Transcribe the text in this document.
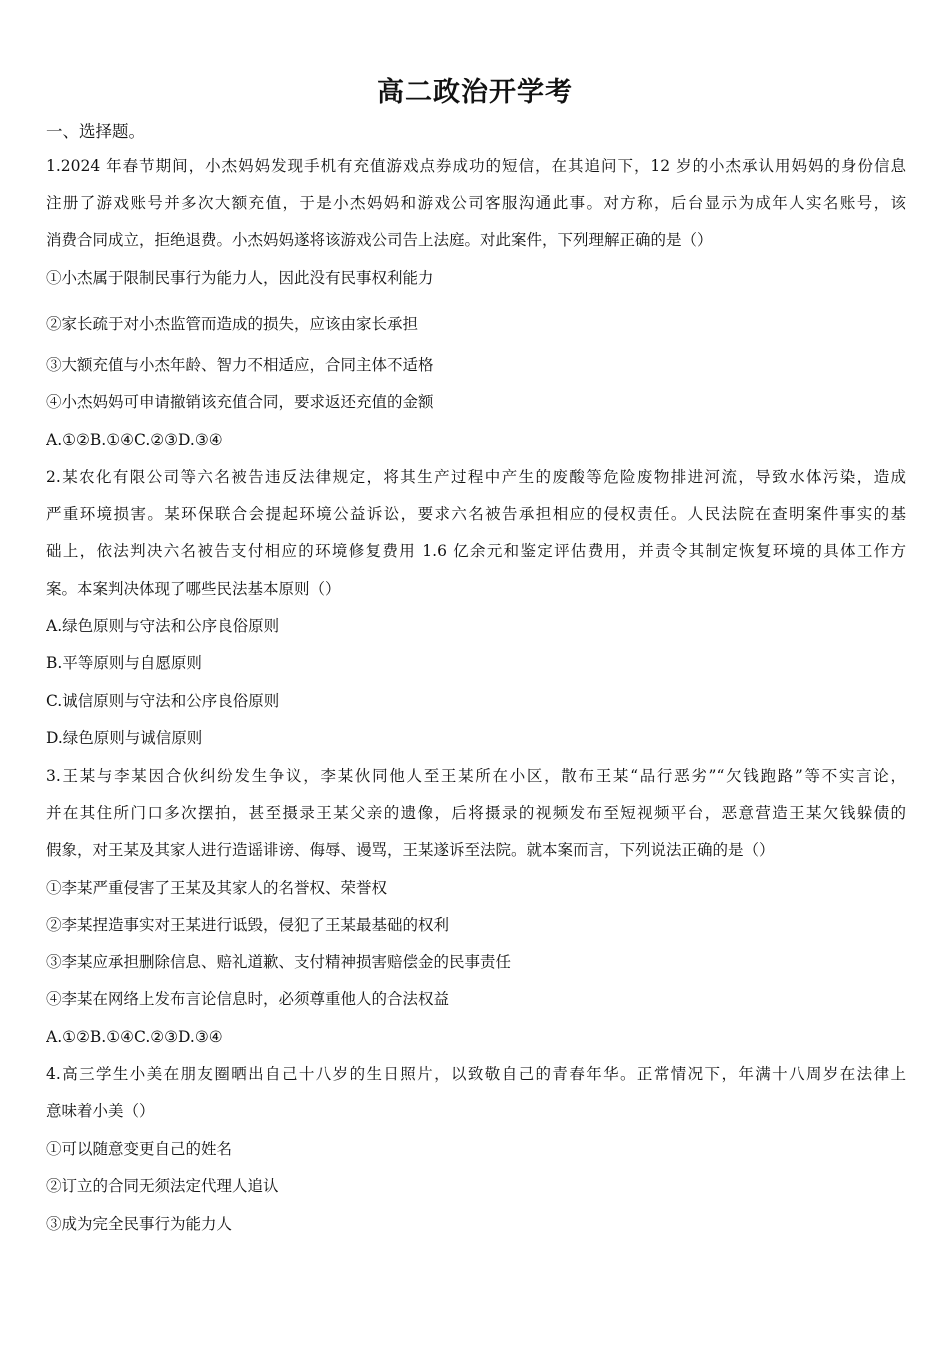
高二政治开学考
一、选择题。
1.2024 年春节期间，小杰妈妈发现手机有充值游戏点券成功的短信，在其追问下，12 岁的小杰承认用妈妈的身份信息
注册了游戏账号并多次大额充值，于是小杰妈妈和游戏公司客服沟通此事。对方称，后台显示为成年人实名账号，该
消费合同成立，拒绝退费。小杰妈妈遂将该游戏公司告上法庭。对此案件，下列理解正确的是（）
①小杰属于限制民事行为能力人，因此没有民事权利能力
②家长疏于对小杰监管而造成的损失，应该由家长承担
③大额充值与小杰年龄、智力不相适应，合同主体不适格
④小杰妈妈可申请撤销该充值合同，要求返还充值的金额
A.①②B.①④C.②③D.③④
2.某农化有限公司等六名被告违反法律规定，将其生产过程中产生的废酸等危险废物排进河流，导致水体污染，造成
严重环境损害。某环保联合会提起环境公益诉讼，要求六名被告承担相应的侵权责任。人民法院在查明案件事实的基
础上，依法判决六名被告支付相应的环境修复费用 1.6 亿余元和鉴定评估费用，并责令其制定恢复环境的具体工作方
案。本案判决体现了哪些民法基本原则（）
A.绿色原则与守法和公序良俗原则
B.平等原则与自愿原则
C.诚信原则与守法和公序良俗原则
D.绿色原则与诚信原则
3.王某与李某因合伙纠纷发生争议，李某伙同他人至王某所在小区，散布王某“品行恶劣”“欠钱跑路”等不实言论，
并在其住所门口多次摆拍，甚至摄录王某父亲的遗像，后将摄录的视频发布至短视频平台，恶意营造王某欠钱躲债的
假象，对王某及其家人进行造谣诽谤、侮辱、谩骂，王某遂诉至法院。就本案而言，下列说法正确的是（）
①李某严重侵害了王某及其家人的名誉权、荣誉权
②李某捏造事实对王某进行诋毁，侵犯了王某最基础的权利
③李某应承担删除信息、赔礼道歉、支付精神损害赔偿金的民事责任
④李某在网络上发布言论信息时，必须尊重他人的合法权益
A.①②B.①④C.②③D.③④
4.高三学生小美在朋友圈晒出自己十八岁的生日照片，以致敬自己的青春年华。正常情况下，年满十八周岁在法律上
意味着小美（）
①可以随意变更自己的姓名
②订立的合同无须法定代理人追认
③成为完全民事行为能力人
